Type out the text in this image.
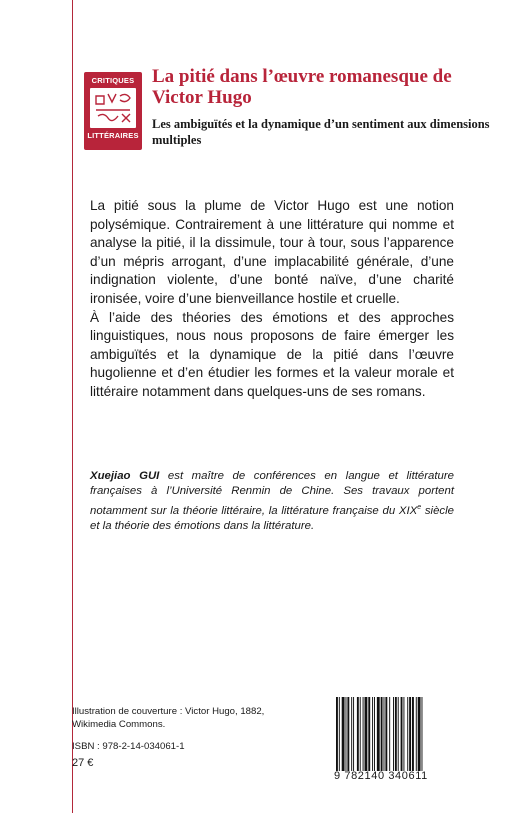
CRITIQUES
LITTÉRAIRES
La pitié dans l’œuvre romanesque de Victor Hugo
Les ambiguïtés et la dynamique d’un sentiment aux dimensions multiples

La pitié sous la plume de Victor Hugo est une notion polysémique. Contrairement à une littérature qui nomme et analyse la pitié, il la dissimule, tour à tour, sous l’apparence d’un mépris arrogant, d’une implacabilité générale, d’une indignation violente, d’une bonté naïve, d’une charité ironisée, voire d’une bienveillance hostile et cruelle.

À l’aide des théories des émotions et des approches linguistiques, nous nous proposons de faire émerger les ambiguïtés et la dynamique de la pitié dans l’œuvre hugolienne et d’en étudier les formes et la valeur morale et littéraire notamment dans quelques-uns de ses romans.

Xuejiao GUI est maître de conférences en langue et littérature françaises à l’Université Renmin de Chine. Ses travaux portent notamment sur la théorie littéraire, la littérature française du XIXe siècle et la théorie des émotions dans la littérature.

Illustration de couverture : Victor Hugo, 1882, Wikimedia Commons.

ISBN : 978-2-14-034061-1
27 €
9 782140 340611
